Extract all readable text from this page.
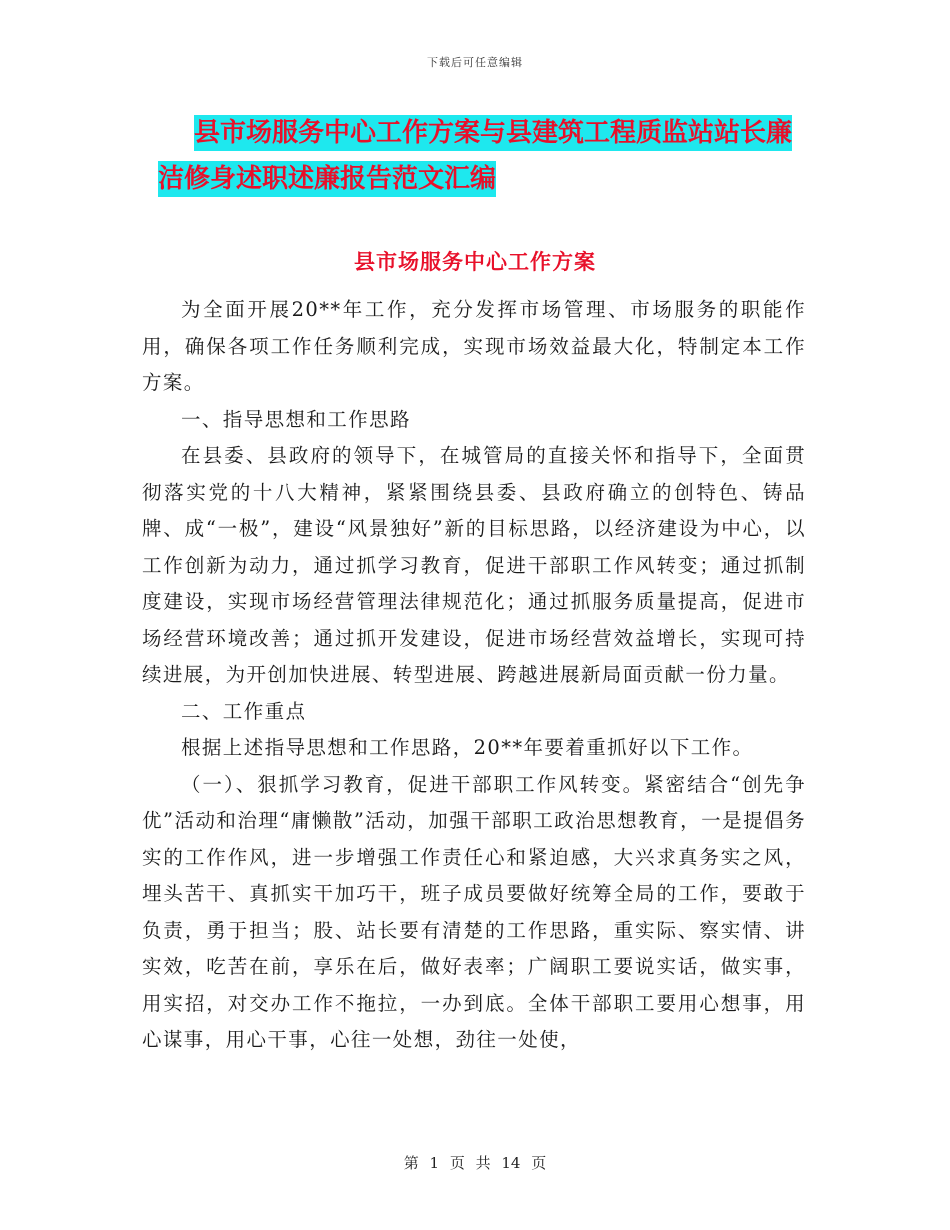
下载后可任意编辑
县市场服务中心工作方案与县建筑工程质监站站长廉
洁修身述职述廉报告范文汇编
县市场服务中心工作方案

为全面开展20**年工作，充分发挥市场管理、市场服务的职能作用，确保各项工作任务顺利完成，实现市场效益最大化，特制定本工作方案。

一、指导思想和工作思路

在县委、县政府的领导下，在城管局的直接关怀和指导下，全面贯彻落实党的十八大精神，紧紧围绕县委、县政府确立的创特色、铸品牌、成“一极”，建设“风景独好”新的目标思路，以经济建设为中心，以工作创新为动力，通过抓学习教育，促进干部职工作风转变；通过抓制度建设，实现市场经营管理法律规范化；通过抓服务质量提高，促进市场经营环境改善；通过抓开发建设，促进市场经营效益增长，实现可持续进展，为开创加快进展、转型进展、跨越进展新局面贡献一份力量。

二、工作重点

根据上述指导思想和工作思路，20**年要着重抓好以下工作。

（一）、狠抓学习教育，促进干部职工作风转变。紧密结合“创先争优”活动和治理“庸懒散”活动，加强干部职工政治思想教育，一是提倡务实的工作作风，进一步增强工作责任心和紧迫感，大兴求真务实之风，埋头苦干、真抓实干加巧干，班子成员要做好统筹全局的工作，要敢于负责，勇于担当；股、站长要有清楚的工作思路，重实际、察实情、讲实效，吃苦在前，享乐在后，做好表率；广阔职工要说实话，做实事，用实招，对交办工作不拖拉，一办到底。全体干部职工要用心想事，用心谋事，用心干事，心往一处想，劲往一处使，

第 1 页 共 14 页
